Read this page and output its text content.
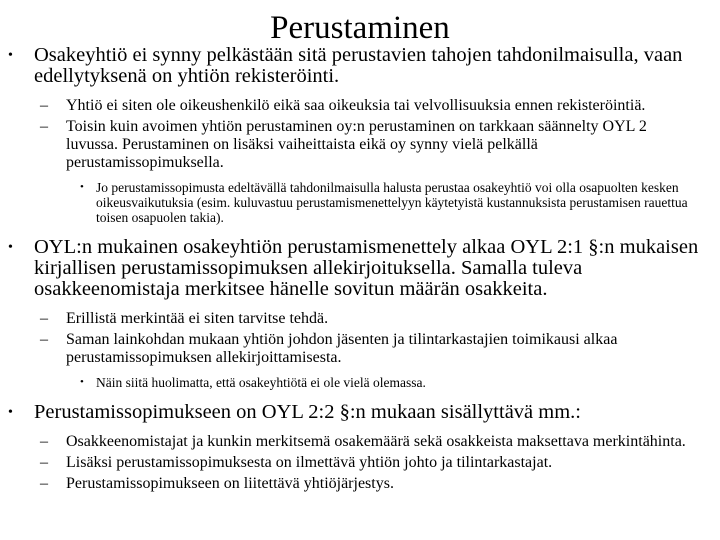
Perustaminen
• Osakeyhtiö ei synny pelkästään sitä perustavien tahojen tahdonilmaisulla, vaan edellytyksenä on yhtiön rekisteröinti.
– Yhtiö ei siten ole oikeushenkilö eikä saa oikeuksia tai velvollisuuksia ennen rekisteröintiä.
– Toisin kuin avoimen yhtiön perustaminen oy:n perustaminen on tarkkaan säännelty OYL 2 luvussa. Perustaminen on lisäksi vaiheittaista eikä oy synny vielä pelkällä perustamissopimuksella.
• Jo perustamissopimusta edeltävällä tahdonilmaisulla halusta perustaa osakeyhtiö voi olla osapuolten kesken oikeusvaikutuksia (esim. kuluvastuu perustamismenettelyyn käytetyistä kustannuksista perustamisen rauettua toisen osapuolen takia).
• OYL:n mukainen osakeyhtiön perustamismenettely alkaa OYL 2:1 §:n mukaisen kirjallisen perustamissopimuksen allekirjoituksella. Samalla tuleva osakkeenomistaja merkitsee hänelle sovitun määrän osakkeita.
– Erillistä merkintää ei siten tarvitse tehdä.
– Saman lainkohdan mukaan yhtiön johdon jäsenten ja tilintarkastajien toimikausi alkaa perustamissopimuksen allekirjoittamisesta.
• Näin siitä huolimatta, että osakeyhtiötä ei ole vielä olemassa.
• Perustamissopimukseen on OYL 2:2 §:n mukaan sisällyttävä mm.:
– Osakkeenomistajat ja kunkin merkitsemä osakemäärä sekä osakkeista maksettava merkintähinta.
– Lisäksi perustamissopimuksesta on ilmettävä yhtiön johto ja tilintarkastajat.
– Perustamissopimukseen on liitettävä yhtiöjärjestys.
